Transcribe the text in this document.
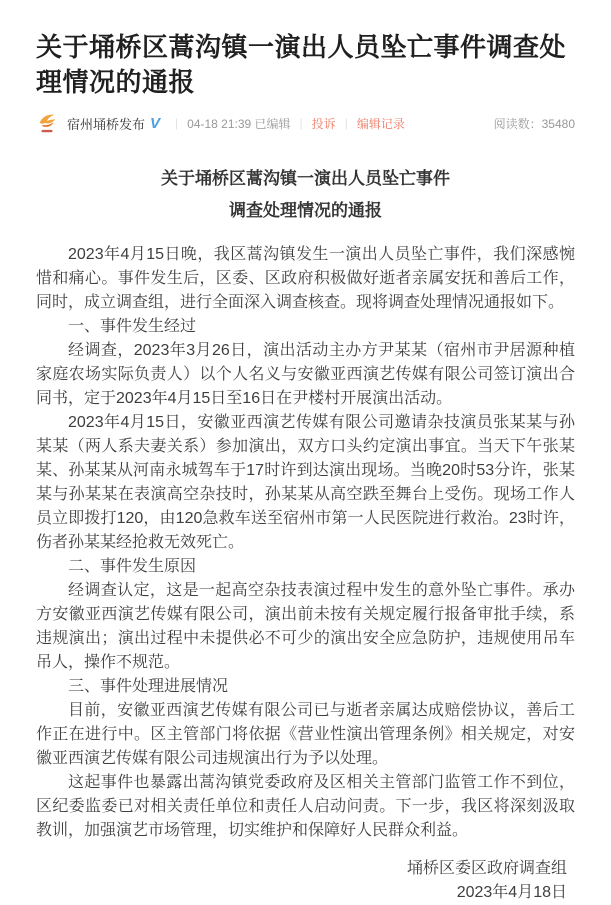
关于埇桥区蒿沟镇一演出人员坠亡事件调查处理情况的通报
宿州埇桥发布 V | 04-18 21:39 已编辑 | 投诉 | 编辑记录	阅读数：35480
关于埇桥区蒿沟镇一演出人员坠亡事件
调查处理情况的通报

2023年4月15日晚，我区蒿沟镇发生一演出人员坠亡事件，我们深感惋惜和痛心。事件发生后，区委、区政府积极做好逝者亲属安抚和善后工作，同时，成立调查组，进行全面深入调查核查。现将调查处理情况通报如下。

一、事件发生经过

经调查，2023年3月26日，演出活动主办方尹某某（宿州市尹居源种植家庭农场实际负责人）以个人名义与安徽亚西演艺传媒有限公司签订演出合同书，定于2023年4月15日至16日在尹楼村开展演出活动。

2023年4月15日，安徽亚西演艺传媒有限公司邀请杂技演员张某某与孙某某（两人系夫妻关系）参加演出，双方口头约定演出事宜。当天下午张某某、孙某某从河南永城驾车于17时许到达演出现场。当晚20时53分许，张某某与孙某某在表演高空杂技时，孙某某从高空跌至舞台上受伤。现场工作人员立即拨打120，由120急救车送至宿州市第一人民医院进行救治。23时许，伤者孙某某经抢救无效死亡。

二、事件发生原因

经调查认定，这是一起高空杂技表演过程中发生的意外坠亡事件。承办方安徽亚西演艺传媒有限公司，演出前未按有关规定履行报备审批手续，系违规演出；演出过程中未提供必不可少的演出安全应急防护，违规使用吊车吊人，操作不规范。

三、事件处理进展情况

目前，安徽亚西演艺传媒有限公司已与逝者亲属达成赔偿协议，善后工作正在进行中。区主管部门将依据《营业性演出管理条例》相关规定，对安徽亚西演艺传媒有限公司违规演出行为予以处理。

这起事件也暴露出蒿沟镇党委政府及区相关主管部门监管工作不到位，区纪委监委已对相关责任单位和责任人启动问责。下一步，我区将深刻汲取教训，加强演艺市场管理，切实维护和保障好人民群众利益。

埇桥区委区政府调查组
2023年4月18日
